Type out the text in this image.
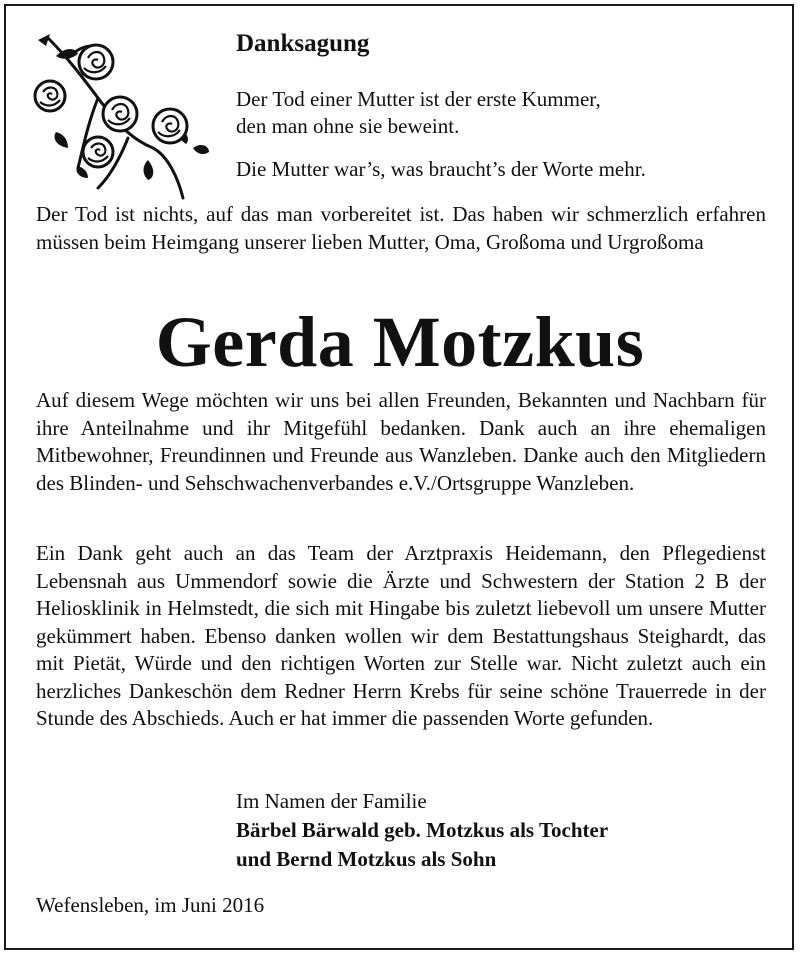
Danksagung

Der Tod einer Mutter ist der erste Kummer,
den man ohne sie beweint.

Die Mutter war’s, was braucht’s der Worte mehr.

Der Tod ist nichts, auf das man vorbereitet ist. Das haben wir schmerzlich erfahren müssen beim Heimgang unserer lieben Mutter, Oma, Großoma und Urgroßoma

Gerda Motzkus

Auf diesem Wege möchten wir uns bei allen Freunden, Bekannten und Nachbarn für ihre Anteilnahme und ihr Mitgefühl bedanken. Dank auch an ihre ehemaligen Mitbewohner, Freundinnen und Freunde aus Wanzleben. Danke auch den Mitgliedern des Blinden- und Sehschwachenverbandes e.V./Ortsgruppe Wanzleben.

Ein Dank geht auch an das Team der Arztpraxis Heidemann, den Pflegedienst Lebensnah aus Ummendorf sowie die Ärzte und Schwestern der Station 2 B der Heliosklinik in Helmstedt, die sich mit Hingabe bis zuletzt liebevoll um unsere Mutter gekümmert haben. Ebenso danken wollen wir dem Bestattungshaus Steighardt, das mit Pietät, Würde und den richtigen Worten zur Stelle war. Nicht zuletzt auch ein herzliches Dankeschön dem Redner Herrn Krebs für seine schöne Trauerrede in der Stunde des Abschieds. Auch er hat immer die passenden Worte gefunden.

Im Namen der Familie
Bärbel Bärwald geb. Motzkus als Tochter
und Bernd Motzkus als Sohn

Wefensleben, im Juni 2016
